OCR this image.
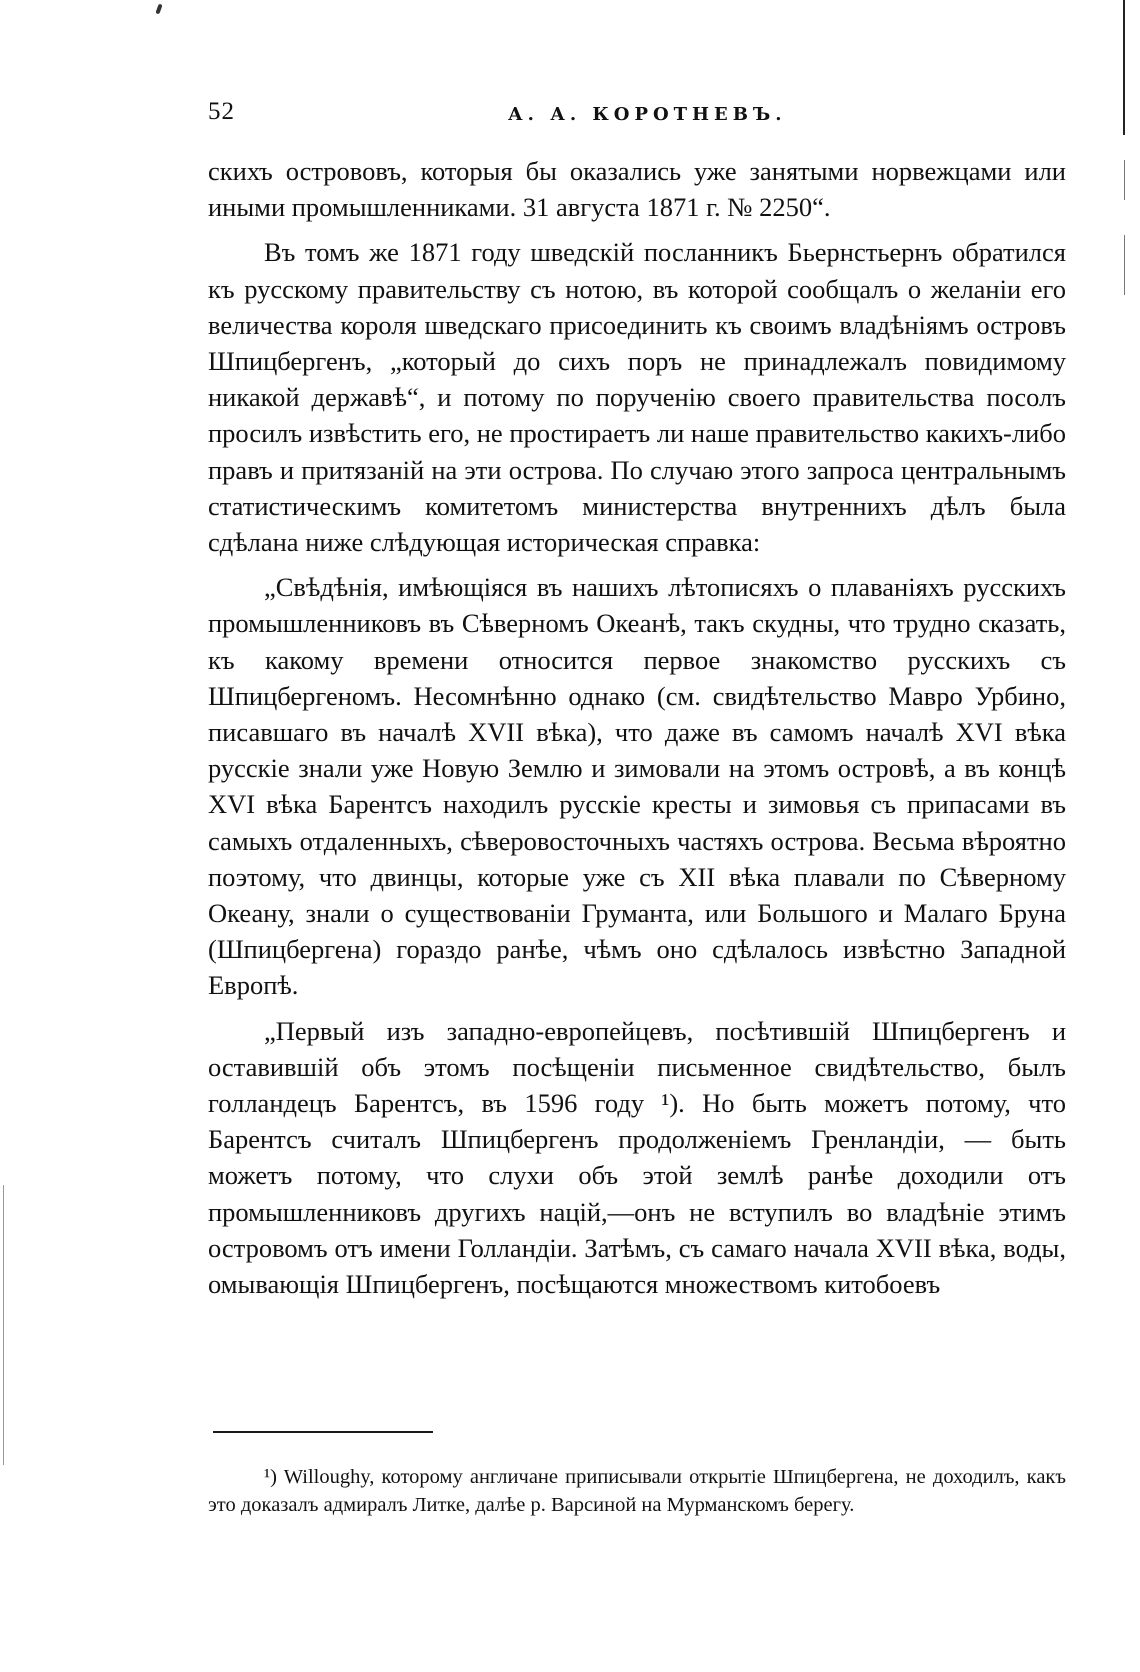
52	А. А. КОРОТНЕВЪ.

скихъ острововъ, которыя бы оказались уже занятыми норвежцами или иными промышленниками. 31 августа 1871 г. № 2250“.

Въ томъ же 1871 году шведскій посланникъ Бьернстьернъ обратился къ русскому правительству съ нотою, въ которой сообщалъ о желаніи его величества короля шведскаго присоединить къ своимъ владѣніямъ островъ Шпицбергенъ, „который до сихъ поръ не принадлежалъ повидимому никакой державѣ“, и потому по порученію своего правительства посолъ просилъ извѣстить его, не простираетъ ли наше правительство какихъ-либо правъ и притязаній на эти острова. По случаю этого запроса центральнымъ статистическимъ комитетомъ министерства внутреннихъ дѣлъ была сдѣлана ниже слѣдующая историческая справка:

„Свѣдѣнія, имѣющіяся въ нашихъ лѣтописяхъ о плаваніяхъ русскихъ промышленниковъ въ Сѣверномъ Океанѣ, такъ скудны, что трудно сказать, къ какому времени относится первое знакомство русскихъ съ Шпицбергеномъ. Несомнѣнно однако (см. свидѣтельство Мавро Урбино, писавшаго въ началѣ XVII вѣка), что даже въ самомъ началѣ XVI вѣка русскіе знали уже Новую Землю и зимовали на этомъ островѣ, а въ концѣ XVI вѣка Барентсъ находилъ русскіе кресты и зимовья съ припасами въ самыхъ отдаленныхъ, сѣверовосточныхъ частяхъ острова. Весьма вѣроятно поэтому, что двинцы, которые уже съ XII вѣка плавали по Сѣверному Океану, знали о существованіи Груманта, или Большого и Малаго Бруна (Шпицбергена) гораздо ранѣе, чѣмъ оно сдѣлалось извѣстно Западной Европѣ.

„Первый изъ западно-европейцевъ, посѣтившій Шпицбергенъ и оставившій объ этомъ посѣщеніи письменное свидѣтельство, былъ голландецъ Барентсъ, въ 1596 году ¹). Но быть можетъ потому, что Барентсъ считалъ Шпицбергенъ продолженіемъ Гренландіи, — быть можетъ потому, что слухи объ этой землѣ ранѣе доходили отъ промышленниковъ другихъ націй,—онъ не вступилъ во владѣніе этимъ островомъ отъ имени Голландіи. Затѣмъ, съ самаго начала XVII вѣка, воды, омывающія Шпицбергенъ, посѣщаются множествомъ китобоевъ

¹) Willoughy, которому англичане приписывали открытіе Шпицбергена, не доходилъ, какъ это доказалъ адмиралъ Литке, далѣе р. Варсиной на Мурманскомъ берегу.
